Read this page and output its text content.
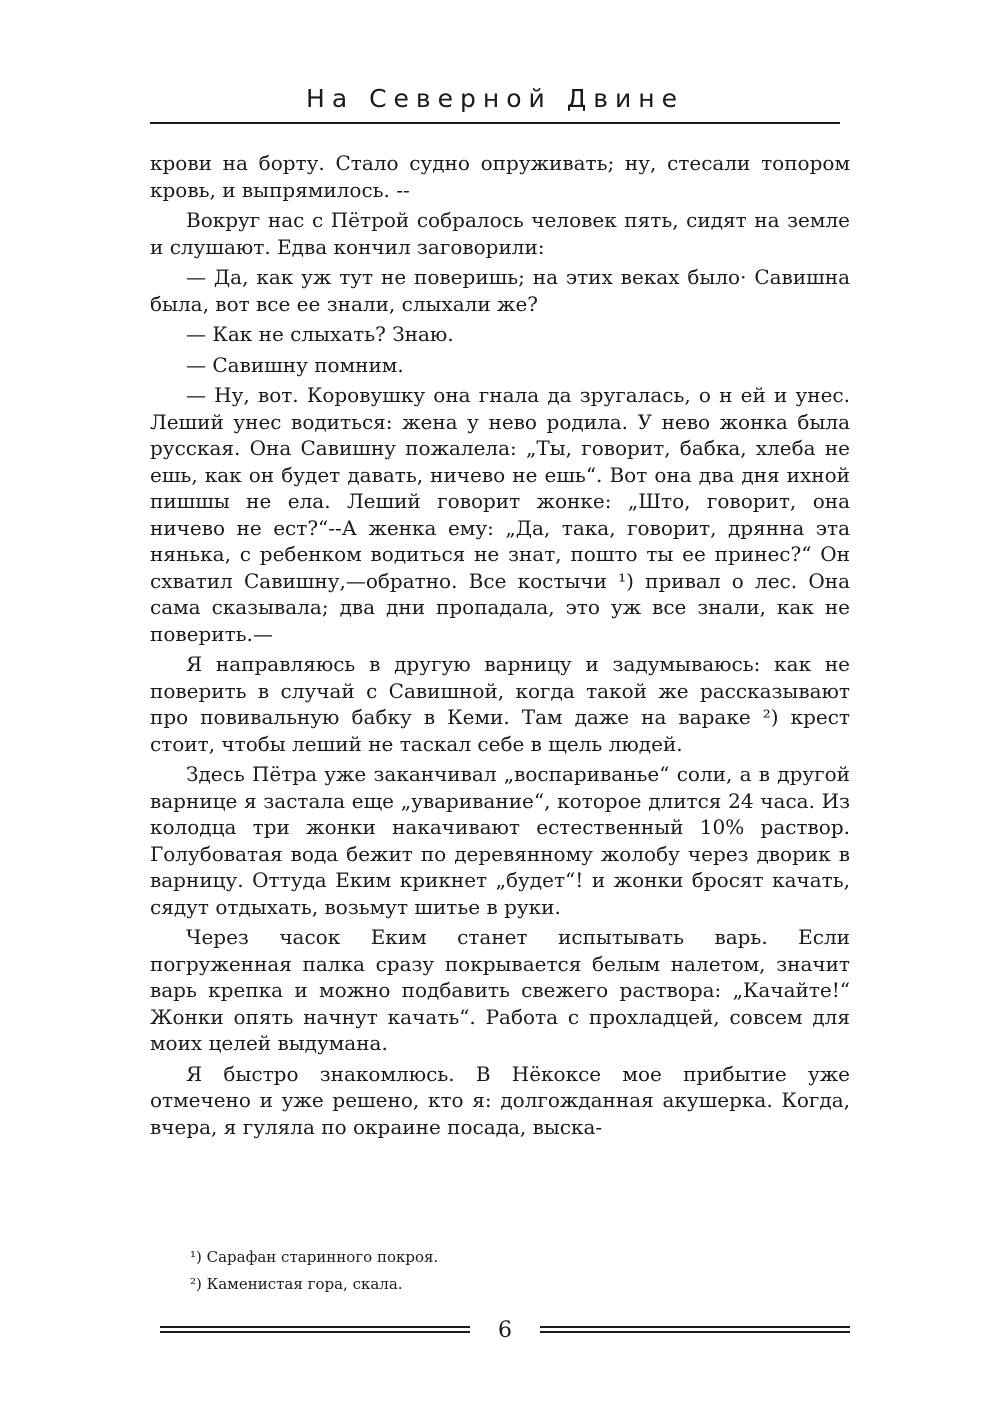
На Северной Двине

крови на борту. Стало судно опруживать; ну, стесали топором кровь, и выпрямилось. --

Вокруг нас с Пётрой собралось человек пять, сидят на земле и слушают. Едва кончил заговорили:

— Да, как уж тут не поверишь; на этих веках было· Савишна была, вот все ее знали, слыхали же?

— Как не слыхать? Знаю.

— Савишну помним.

— Ну, вот. Коровушку она гнала да зругалась, о н ей и унес. Леший унес водиться: жена у нево родила. У нево жонка была русская. Она Савишну пожалела: „Ты, говорит, бабка, хлеба не ешь, как он будет давать, ничево не ешь“. Вот она два дня ихной пишшы не ела. Леший говорит жонке: „Што, говорит, она ничево не ест?“--А женка ему: „Да, така, говорит, дрянна эта нянька, с ребенком водиться не знат, пошто ты ее принес?“ Он схватил Савишну,—обратно. Все костычи ¹) привал о лес. Она сама сказывала; два дни пропадала, это уж все знали, как не поверить.—

Я направляюсь в другую варницу и задумываюсь: как не поверить в случай с Савишной, когда такой же рассказывают про повивальную бабку в Кеми. Там даже на вараке ²) крест стоит, чтобы леший не таскал себе в щель людей.

Здесь Пётра уже заканчивал „воспариванье“ соли, а в другой варнице я застала еще „уваривание“, которое длится 24 часа. Из колодца три жонки накачивают естественный 10% раствор. Голубоватая вода бежит по деревянному жолобу через дворик в варницу. Оттуда Еким крикнет „будет“! и жонки бросят качать, сядут отдыхать, возьмут шитье в руки.

Через часок Еким станет испытывать варь. Если погруженная палка сразу покрывается белым налетом, значит варь крепка и можно подбавить свежего раствора: „Качайте!“ Жонки опять начнут качать“. Работа с прохладцей, совсем для моих целей выдумана.

Я быстро знакомлюсь. В Нёкоксе мое прибытие уже отмечено и уже решено, кто я: долгожданная акушерка. Когда, вчера, я гуляла по окраине посада, выска-

¹) Сарафан старинного покроя.
²) Каменистая гора, скала.
6
